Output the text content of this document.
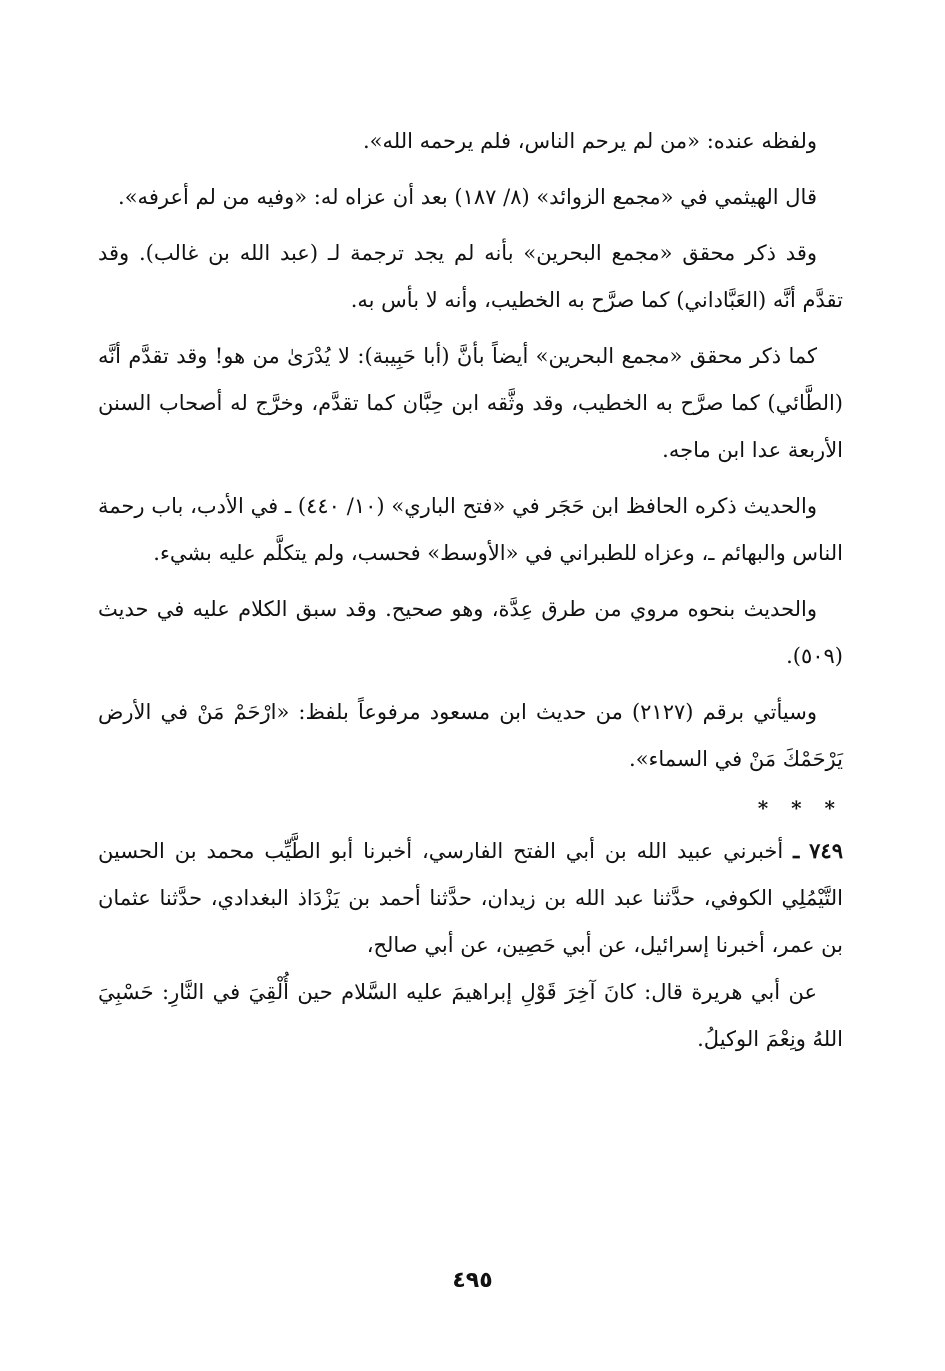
ولفظه عنده: «من لم يرحم الناس، فلم يرحمه الله».

قال الهيثمي في «مجمع الزوائد» (٨/ ١٨٧) بعد أن عزاه له: «وفيه من لم أعرفه».

وقد ذكر محقق «مجمع البحرين» بأنه لم يجد ترجمة لـ (عبد الله بن غالب). وقد تقدَّم أنَّه (العَبَّاداني) كما صرَّح به الخطيب، وأنه لا بأس به.

كما ذكر محقق «مجمع البحرين» أيضاً بأنَّ (أبا حَبِيبة): لا يُدْرَىٰ من هو! وقد تقدَّم أنَّه (الطَّائي) كما صرَّح به الخطيب، وقد وثَّقه ابن حِبَّان كما تقدَّم، وخرَّج له أصحاب السنن الأربعة عدا ابن ماجه.

والحديث ذكره الحافظ ابن حَجَر في «فتح الباري» (١٠/ ٤٤٠) ـ في الأدب، باب رحمة الناس والبهائم ـ، وعزاه للطبراني في «الأوسط» فحسب، ولم يتكلَّم عليه بشيء.

والحديث بنحوه مروي من طرق عِدَّة، وهو صحيح. وقد سبق الكلام عليه في حديث (٥٠٩).

وسيأتي برقم (٢١٢٧) من حديث ابن مسعود مرفوعاً بلفظ: «ارْحَمْ مَنْ في الأرض يَرْحَمْكَ مَنْ في السماء».

* * *

٧٤٩ ـ أخبرني عبيد الله بن أبي الفتح الفارسي، أخبرنا أبو الطَّيِّب محمد بن الحسين التَّيْمُلِي الكوفي، حدَّثنا عبد الله بن زيدان، حدَّثنا أحمد بن يَزْدَاذ البغدادي، حدَّثنا عثمان بن عمر، أخبرنا إسرائيل، عن أبي حَصِين، عن أبي صالح،

عن أبي هريرة قال: كانَ آخِرَ قَوْلِ إبراهيمَ عليه السَّلام حين أُلْقِيَ في النَّارِ: حَسْبِيَ اللهُ ونِعْمَ الوكيلُ.

٤٩٥
